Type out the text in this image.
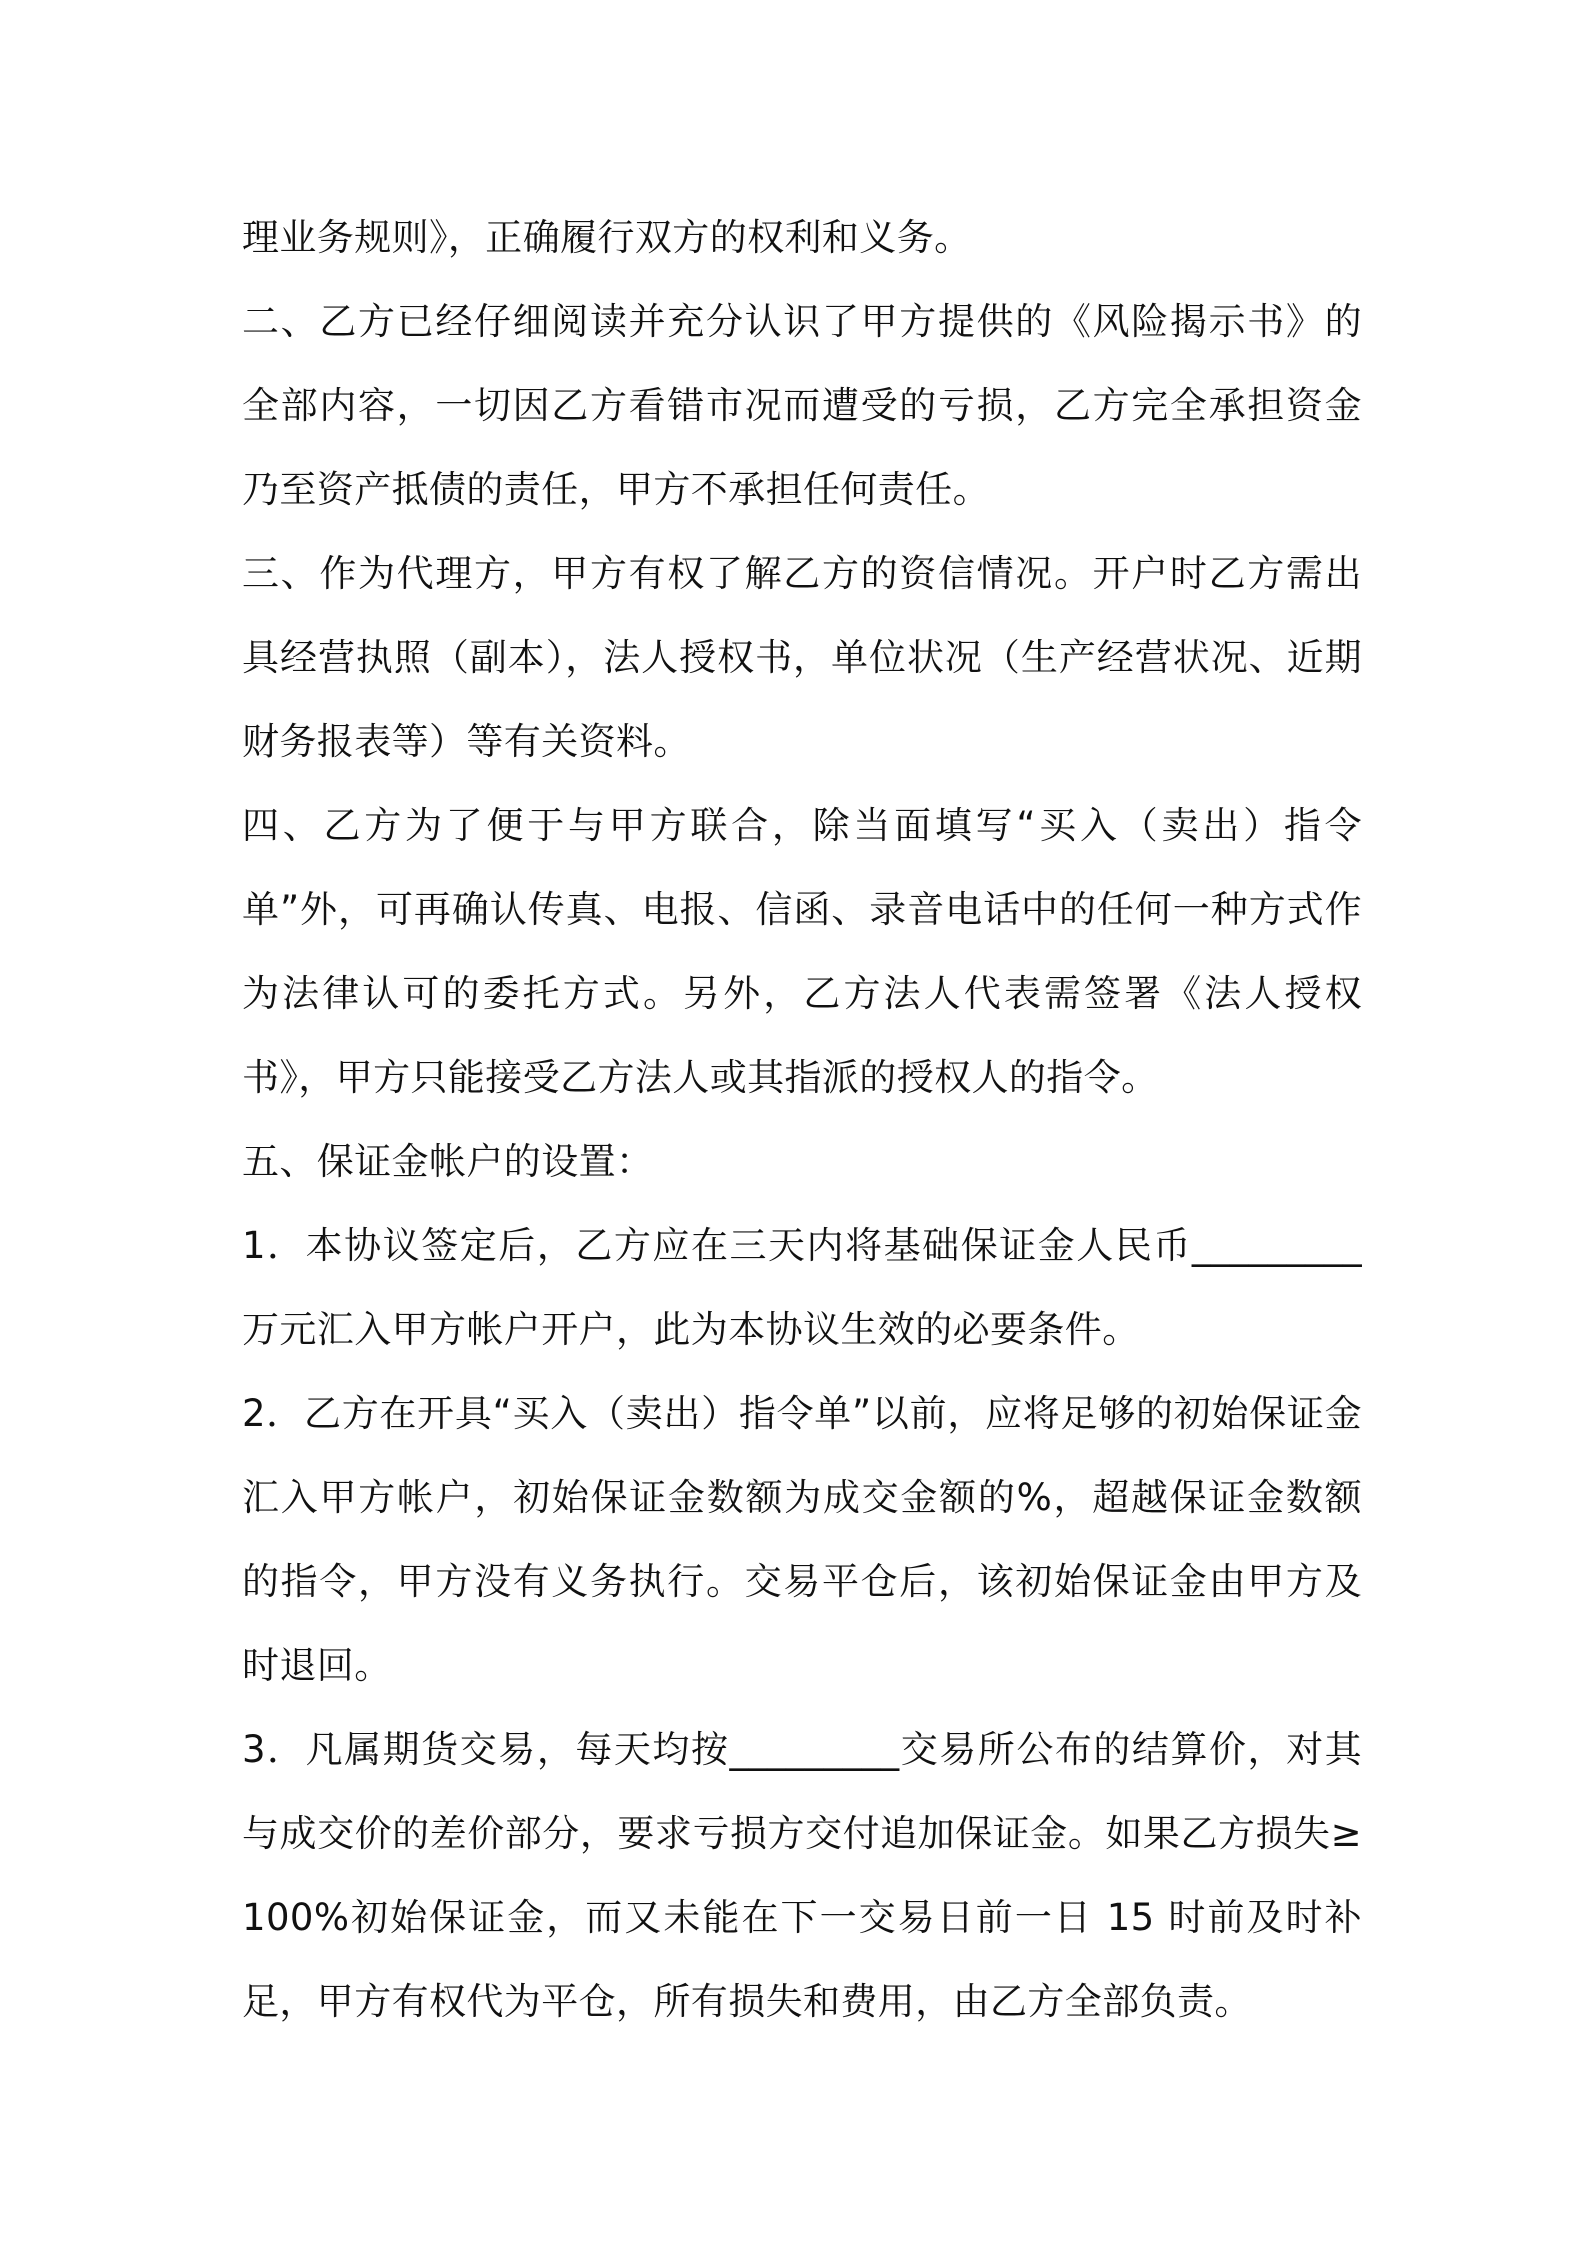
理业务规则》，正确履行双方的权利和义务。

二、乙方已经仔细阅读并充分认识了甲方提供的《风险揭示书》的全部内容，一切因乙方看错市况而遭受的亏损，乙方完全承担资金乃至资产抵债的责任，甲方不承担任何责任。

三、作为代理方，甲方有权了解乙方的资信情况。开户时乙方需出具经营执照（副本），法人授权书，单位状况（生产经营状况、近期财务报表等）等有关资料。

四、乙方为了便于与甲方联合，除当面填写“买入（卖出）指令单”外，可再确认传真、电报、信函、录音电话中的任何一种方式作为法律认可的委托方式。另外，乙方法人代表需签署《法人授权书》，甲方只能接受乙方法人或其指派的授权人的指令。

五、保证金帐户的设置：

1．本协议签定后，乙方应在三天内将基础保证金人民币_________万元汇入甲方帐户开户，此为本协议生效的必要条件。

2．乙方在开具“买入（卖出）指令单”以前，应将足够的初始保证金汇入甲方帐户，初始保证金数额为成交金额的%，超越保证金数额的指令，甲方没有义务执行。交易平仓后，该初始保证金由甲方及时退回。

3．凡属期货交易，每天均按_________交易所公布的结算价，对其与成交价的差价部分，要求亏损方交付追加保证金。如果乙方损失≥100%初始保证金，而又未能在下一交易日前一日 15 时前及时补足，甲方有权代为平仓，所有损失和费用，由乙方全部负责。
